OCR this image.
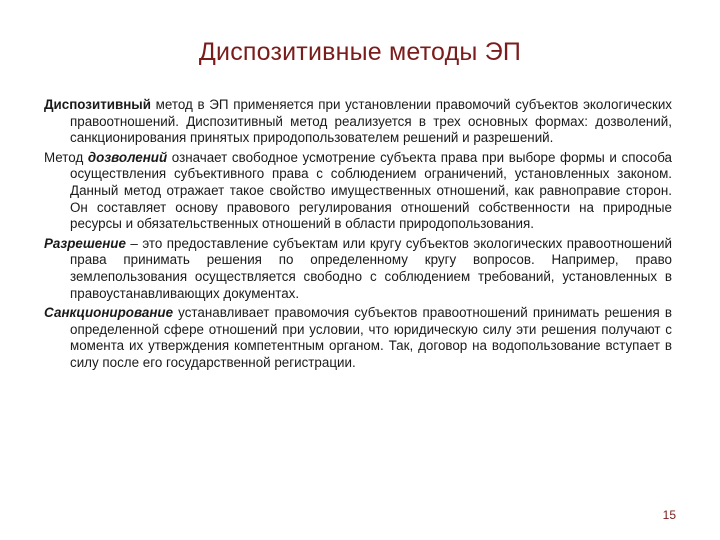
Диспозитивные методы ЭП

Диспозитивный метод в ЭП применяется при установлении правомочий субъектов экологических правоотношений. Диспозитивный метод реализуется в трех основных формах: дозволений, санкционирования принятых природопользователем решений и разрешений.

Метод дозволений означает свободное усмотрение субъекта права при выборе формы и способа осуществления субъективного права с соблюдением ограничений, установленных законом. Данный метод отражает такое свойство имущественных отношений, как равноправие сторон. Он составляет основу правового регулирования отношений собственности на природные ресурсы и обязательственных отношений в области природопользования.

Разрешение – это предоставление субъектам или кругу субъектов экологических правоотношений права принимать решения по определенному кругу вопросов. Например, право землепользования осуществляется свободно с соблюдением требований, установленных в правоустанавливающих документах.

Санкционирование устанавливает правомочия субъектов правоотношений принимать решения в определенной сфере отношений при условии, что юридическую силу эти решения получают с момента их утверждения компетентным органом. Так, договор на водопользование вступает в силу после его государственной регистрации.

15
